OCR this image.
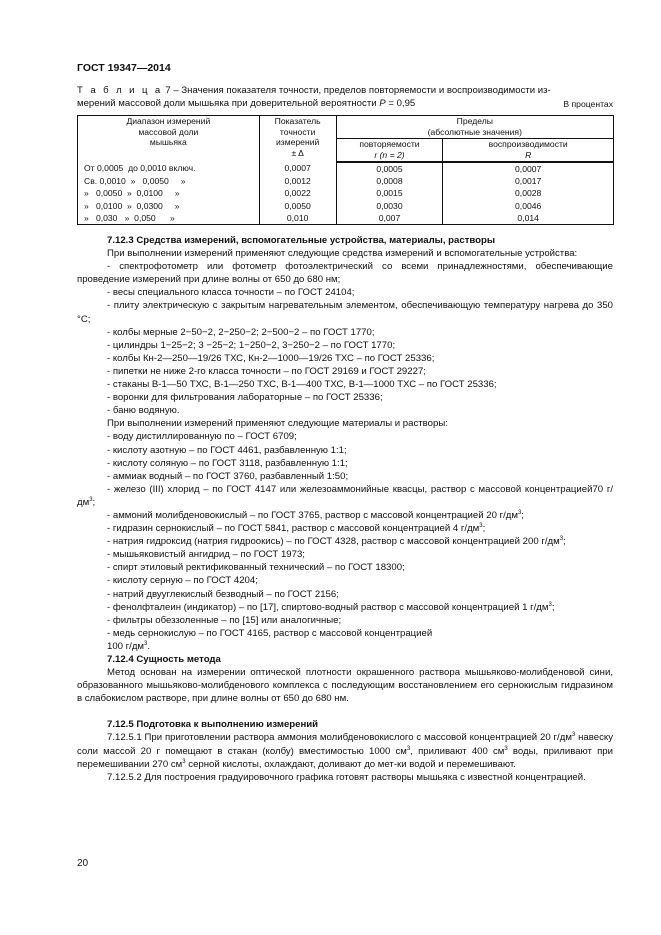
ГОСТ 19347—2014
Т а б л и ц а 7 – Значения показателя точности, пределов повторяемости и воспроизводимости из-
мерений массовой доли мышьяка при доверительной вероятности P = 0,95	В процентах
Диапазон измерений
массовой доли
мышьяка

Показатель
точности
измерений
± Δ

Пределы
(абсолютные значения)

повторяемости
r (n = 2)

воспроизводимости
R

От 0,0005  до 0,0010 включ.	0,0007	0,0005	0,0007
Св. 0,0010  »   0,0050     »	0,0012	0,0008	0,0017
»   0,0050  »  0,0100     »	0,0022	0,0015	0,0028
»   0,0100  »  0,0300     »	0,0050	0,0030	0,0046
»   0,030   »  0,050      »	0,010	0,007	0,014

7.12.3 Средства измерений, вспомогательные устройства, материалы, растворы

При выполнении измерений применяют следующие средства измерений и вспомогательные устройства:

- спектрофотометр или фотометр фотоэлектрический со всеми принадлежностями, обеспечивающие проведение измерений при длине волны от 650 до 680 нм;

- весы специального класса точности – по ГОСТ 24104;

- плиту электрическую с закрытым нагревательным элементом, обеспечивающую температуру нагрева до 350 °С;

- колбы мерные 2−50−2, 2−250−2; 2−500−2 – по ГОСТ 1770;

- цилиндры 1−25−2; 3 −25−2; 1−250−2, 3−250−2 – по ГОСТ 1770;

- колбы Кн-2—250—19/26 ТХС, Кн-2—1000—19/26 ТХС – по ГОСТ 25336;

- пипетки не ниже 2-го класса точности – по ГОСТ 29169 и ГОСТ 29227;

- стаканы В-1—50 ТХС, В-1—250 ТХС, В-1—400 ТХС, В-1—1000 ТХС – по ГОСТ 25336;

- воронки для фильтрования лабораторные – по ГОСТ 25336;

- баню водяную.

При выполнении измерений применяют следующие материалы и растворы:

- воду дистиллированную по – ГОСТ 6709;

- кислоту азотную – по ГОСТ 4461, разбавленную 1:1;

- кислоту соляную – по ГОСТ 3118, разбавленную 1:1;

- аммиак водный – по ГОСТ 3760, разбавленный 1:50;

- железо (III) хлорид – по ГОСТ 4147 или железоаммонийные квасцы, раствор с массовой концентрацией70 $г/дм^3$;

- аммоний молибденовокислый – по ГОСТ 3765, раствор с массовой концентрацией 20 $г/дм^3$;

- гидразин сернокислый – по ГОСТ 5841, раствор с массовой концентрацией 4 $г/дм^3$;

- натрия гидроксид (натрия гидроокись) – по ГОСТ 4328, раствор с массовой концентрацией 200 $г/дм^3$;

- мышьяковистый ангидрид – по ГОСТ 1973;

- спирт этиловый ректификованный технический – по ГОСТ 18300;

- кислоту серную – по ГОСТ 4204;

- натрий двууглекислый безводный – по ГОСТ 2156;

- фенолфталеин (индикатор) – по [17], спиртово-водный раствор с массовой концентрацией 1 $г/дм^3$;

- фильтры обеззоленные – по [15] или аналогичные;

- медь сернокислую – по ГОСТ 4165, раствор с массовой концентрацией

100 $г/дм^3$.

7.12.4 Сущность метода

Метод основан на измерении оптической плотности окрашенного раствора мышьяково-молибденовой сини, образованного мышьяково-молибденового комплекса с последующим восстановлением его сернокислым гидразином в слабокислом растворе, при длине волны от 650 до 680 нм.

7.12.5 Подготовка к выполнению измерений

7.12.5.1 При приготовлении раствора аммония молибденовокислого с массовой концентрацией 20 $г/дм^3$ навеску соли массой 20 г помещают в стакан (колбу) вместимостью 1000 $см^3$, приливают 400 $см^3$ воды, приливают при перемешивании 270 $см^3$ серной кислоты, охлаждают, доливают до мет-ки водой и перемешивают.

7.12.5.2 Для построения градуировочного графика готовят растворы мышьяка с известной концентрацией.

20
